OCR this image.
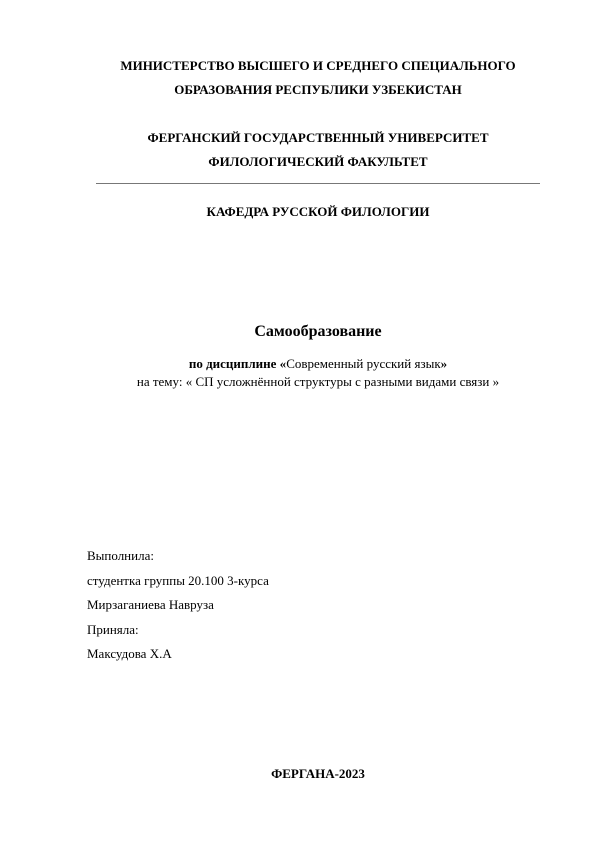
МИНИСТЕРСТВО ВЫСШЕГО И СРЕДНЕГО СПЕЦИАЛЬНОГО
ОБРАЗОВАНИЯ РЕСПУБЛИКИ УЗБЕКИСТАН
ФЕРГАНСКИЙ ГОСУДАРСТВЕННЫЙ УНИВЕРСИТЕТ
ФИЛОЛОГИЧЕСКИЙ ФАКУЛЬТЕТ
КАФЕДРА РУССКОЙ ФИЛОЛОГИИ
Самообразование
по дисциплине «Современный русский язык»
на тему: « СП усложнённой структуры с разными видами связи »
Выполнила:
студентка группы 20.100 3-курса
Мирзаганиева Навруза
Приняла:
Максудова Х.А
ФЕРГАНА-2023
